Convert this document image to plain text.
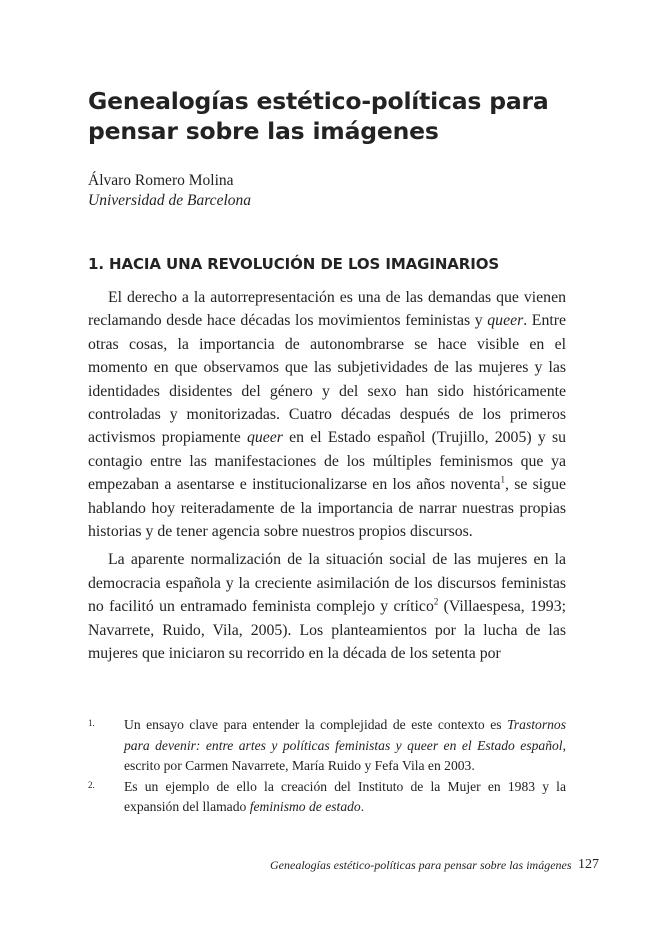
Genealogías estético-políticas para
pensar sobre las imágenes
Álvaro Romero Molina
Universidad de Barcelona
1. HACIA UNA REVOLUCIÓN DE LOS IMAGINARIOS

El derecho a la autorrepresentación es una de las demandas que vienen reclamando desde hace décadas los movimientos feministas y queer. Entre otras cosas, la importancia de autonombrarse se hace visible en el momento en que observamos que las subjetividades de las mujeres y las identidades disidentes del género y del sexo han sido históricamente controladas y monitorizadas. Cuatro décadas después de los primeros activismos propiamente queer en el Estado español (Trujillo, 2005) y su contagio entre las manifestaciones de los múltiples feminismos que ya empezaban a asentarse e institucionalizarse en los años noventa$^1$, se sigue hablando hoy reiteradamente de la importancia de narrar nuestras propias historias y de tener agencia sobre nuestros propios discursos.

La aparente normalización de la situación social de las mujeres en la democracia española y la creciente asimilación de los discursos feministas no facilitó un entramado feminista complejo y crítico$^2$ (Villaespesa, 1993; Navarrete, Ruido, Vila, 2005). Los planteamientos por la lucha de las mujeres que iniciaron su recorrido en la década de los setenta por

1.	Un ensayo clave para entender la complejidad de este contexto es Trastornos para devenir: entre artes y políticas feministas y queer en el Estado español, escrito por Carmen Navarrete, María Ruido y Fefa Vila en 2003.
2.	Es un ejemplo de ello la creación del Instituto de la Mujer en 1983 y la expansión del llamado feminismo de estado.
Genealogías estético-políticas para pensar sobre las imágenes 127
